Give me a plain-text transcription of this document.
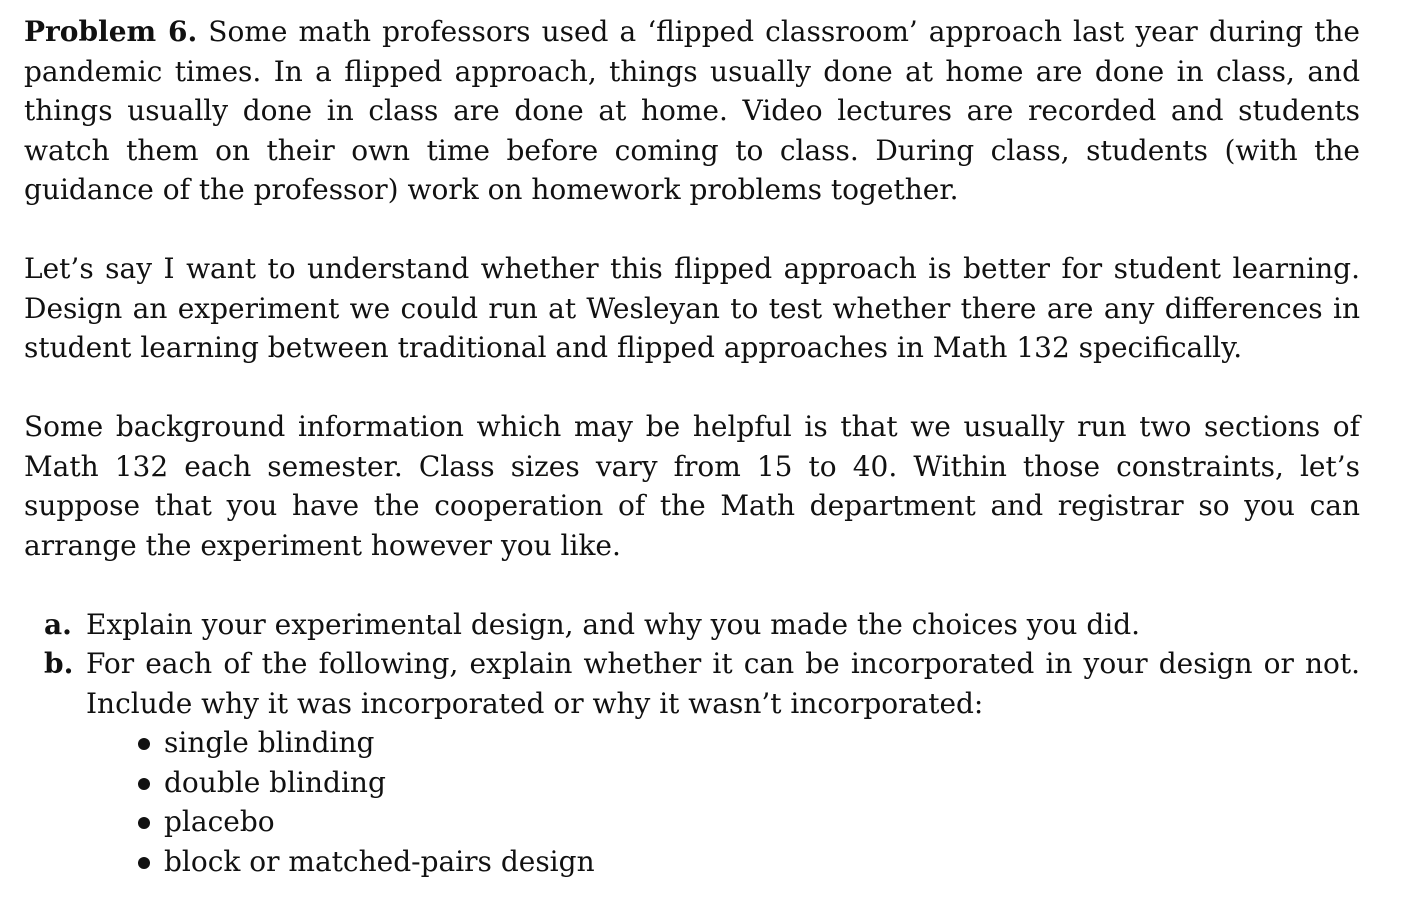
Problem 6. Some math professors used a ‘flipped classroom’ approach last year during the pandemic times. In a flipped approach, things usually done at home are done in class, and things usually done in class are done at home. Video lectures are recorded and students watch them on their own time before coming to class. During class, students (with the guidance of the professor) work on homework problems together.

Let’s say I want to understand whether this flipped approach is better for student learning. Design an experiment we could run at Wesleyan to test whether there are any differences in student learning between traditional and flipped approaches in Math 132 specifically.

Some background information which may be helpful is that we usually run two sections of Math 132 each semester. Class sizes vary from 15 to 40. Within those constraints, let’s suppose that you have the cooperation of the Math department and registrar so you can arrange the experiment however you like.

a. Explain your experimental design, and why you made the choices you did.
b. For each of the following, explain whether it can be incorporated in your design or not. Include why it was incorporated or why it wasn’t incorporated:
single blinding
double blinding
placebo
block or matched-pairs design
